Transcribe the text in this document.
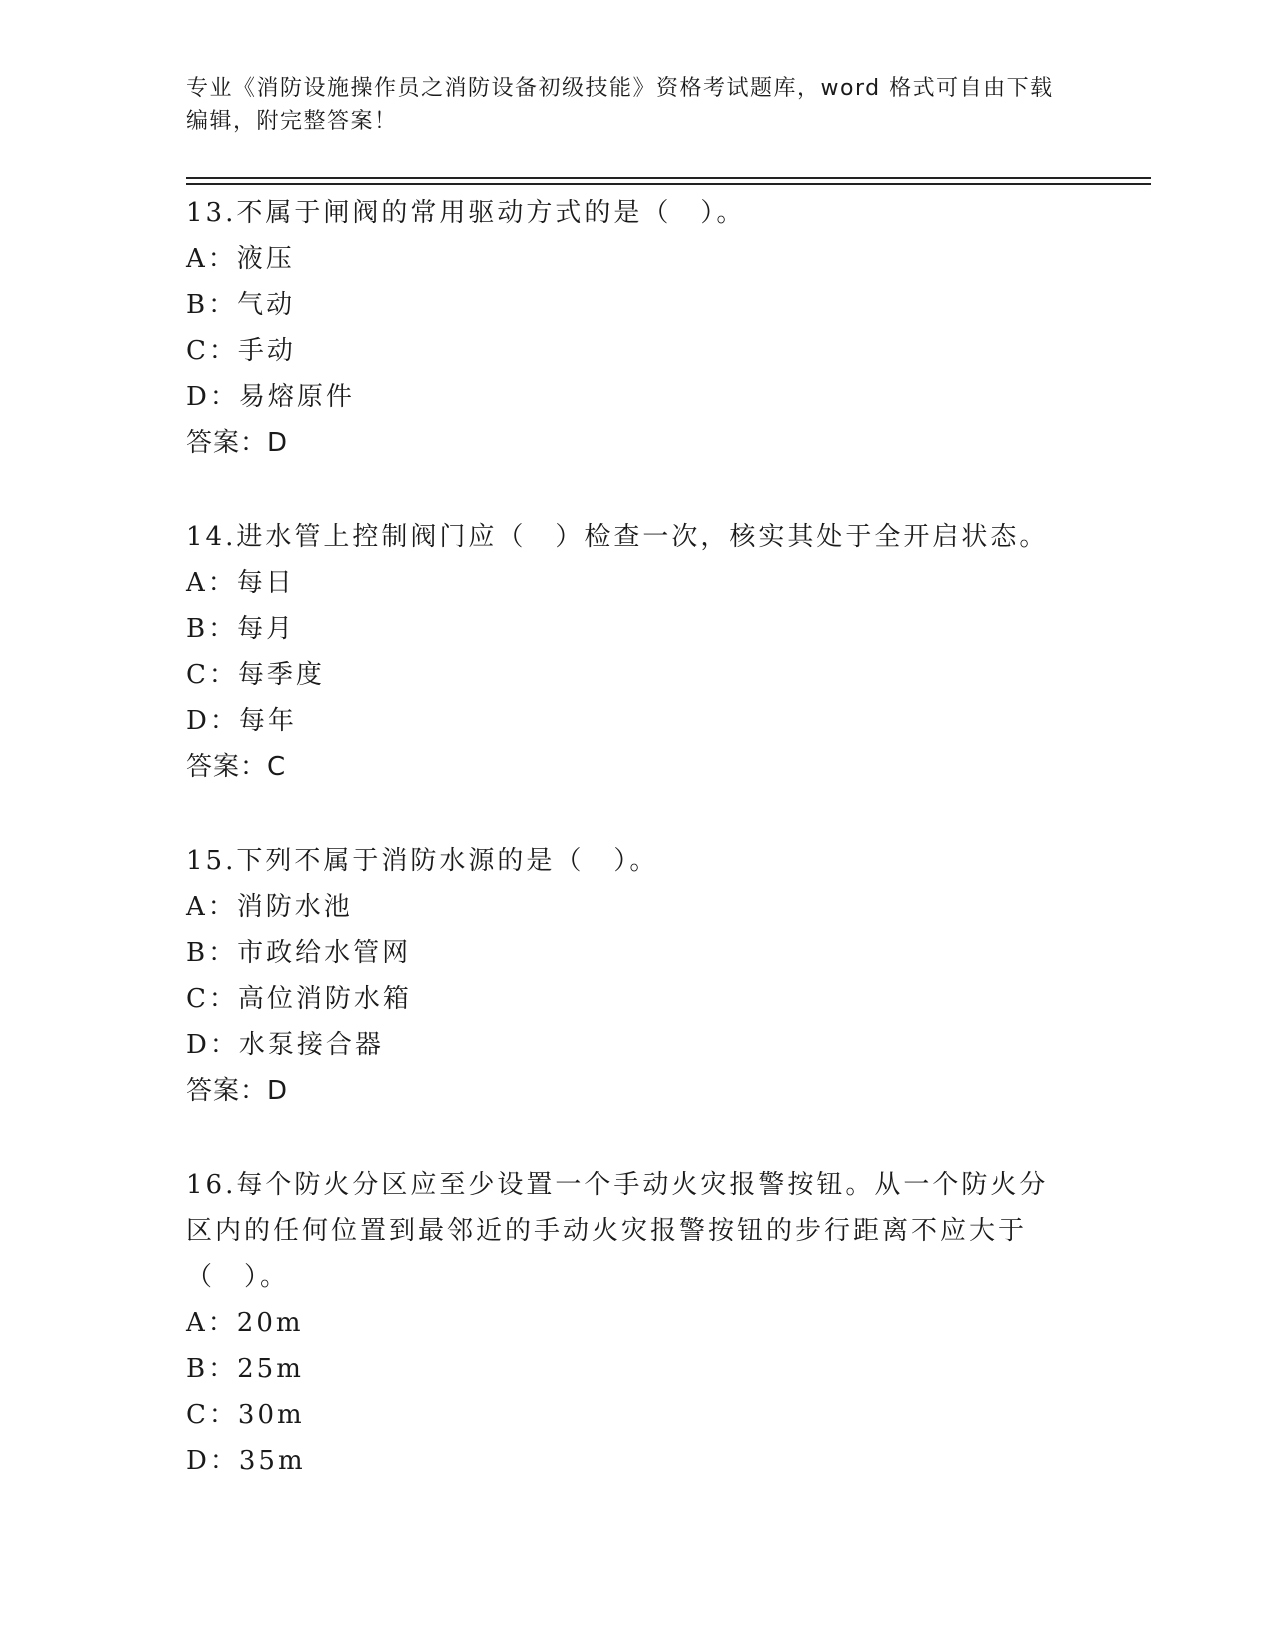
专业《消防设施操作员之消防设备初级技能》资格考试题库，word 格式可自由下载编辑，附完整答案！
13.不属于闸阀的常用驱动方式的是（　）。
A：液压
B：气动
C：手动
D：易熔原件
答案：D
14.进水管上控制阀门应（　）检查一次，核实其处于全开启状态。
A：每日
B：每月
C：每季度
D：每年
答案：C
15.下列不属于消防水源的是（　）。
A：消防水池
B：市政给水管网
C：高位消防水箱
D：水泵接合器
答案：D
16.每个防火分区应至少设置一个手动火灾报警按钮。从一个防火分区内的任何位置到最邻近的手动火灾报警按钮的步行距离不应大于（　）。
A：20m
B：25m
C：30m
D：35m
